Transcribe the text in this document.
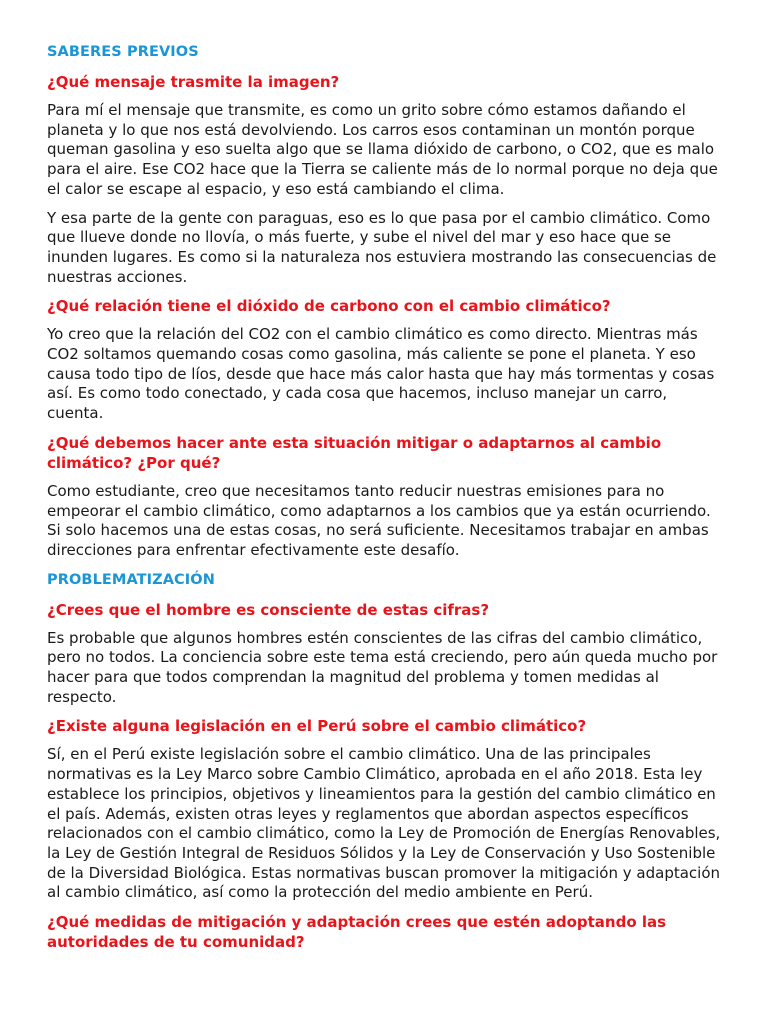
SABERES PREVIOS
¿Qué mensaje trasmite la imagen?

Para mí el mensaje que transmite, es como un grito sobre cómo estamos dañando el planeta y lo que nos está devolviendo. Los carros esos contaminan un montón porque queman gasolina y eso suelta algo que se llama dióxido de carbono, o CO2, que es malo para el aire. Ese CO2 hace que la Tierra se caliente más de lo normal porque no deja que el calor se escape al espacio, y eso está cambiando el clima.

Y esa parte de la gente con paraguas, eso es lo que pasa por el cambio climático. Como que llueve donde no llovía, o más fuerte, y sube el nivel del mar y eso hace que se inunden lugares. Es como si la naturaleza nos estuviera mostrando las consecuencias de nuestras acciones.

¿Qué relación tiene el dióxido de carbono con el cambio climático?

Yo creo que la relación del CO2 con el cambio climático es como directo. Mientras más CO2 soltamos quemando cosas como gasolina, más caliente se pone el planeta. Y eso causa todo tipo de líos, desde que hace más calor hasta que hay más tormentas y cosas así. Es como todo conectado, y cada cosa que hacemos, incluso manejar un carro, cuenta.

¿Qué debemos hacer ante esta situación mitigar o adaptarnos al cambio climático? ¿Por qué?

Como estudiante, creo que necesitamos tanto reducir nuestras emisiones para no empeorar el cambio climático, como adaptarnos a los cambios que ya están ocurriendo. Si solo hacemos una de estas cosas, no será suficiente. Necesitamos trabajar en ambas direcciones para enfrentar efectivamente este desafío.

PROBLEMATIZACIÓN
¿Crees que el hombre es consciente de estas cifras?

Es probable que algunos hombres estén conscientes de las cifras del cambio climático, pero no todos. La conciencia sobre este tema está creciendo, pero aún queda mucho por hacer para que todos comprendan la magnitud del problema y tomen medidas al respecto.

¿Existe alguna legislación en el Perú sobre el cambio climático?

Sí, en el Perú existe legislación sobre el cambio climático. Una de las principales normativas es la Ley Marco sobre Cambio Climático, aprobada en el año 2018. Esta ley establece los principios, objetivos y lineamientos para la gestión del cambio climático en el país. Además, existen otras leyes y reglamentos que abordan aspectos específicos relacionados con el cambio climático, como la Ley de Promoción de Energías Renovables, la Ley de Gestión Integral de Residuos Sólidos y la Ley de Conservación y Uso Sostenible de la Diversidad Biológica. Estas normativas buscan promover la mitigación y adaptación al cambio climático, así como la protección del medio ambiente en Perú.

¿Qué medidas de mitigación y adaptación crees que estén adoptando las autoridades de tu comunidad?
